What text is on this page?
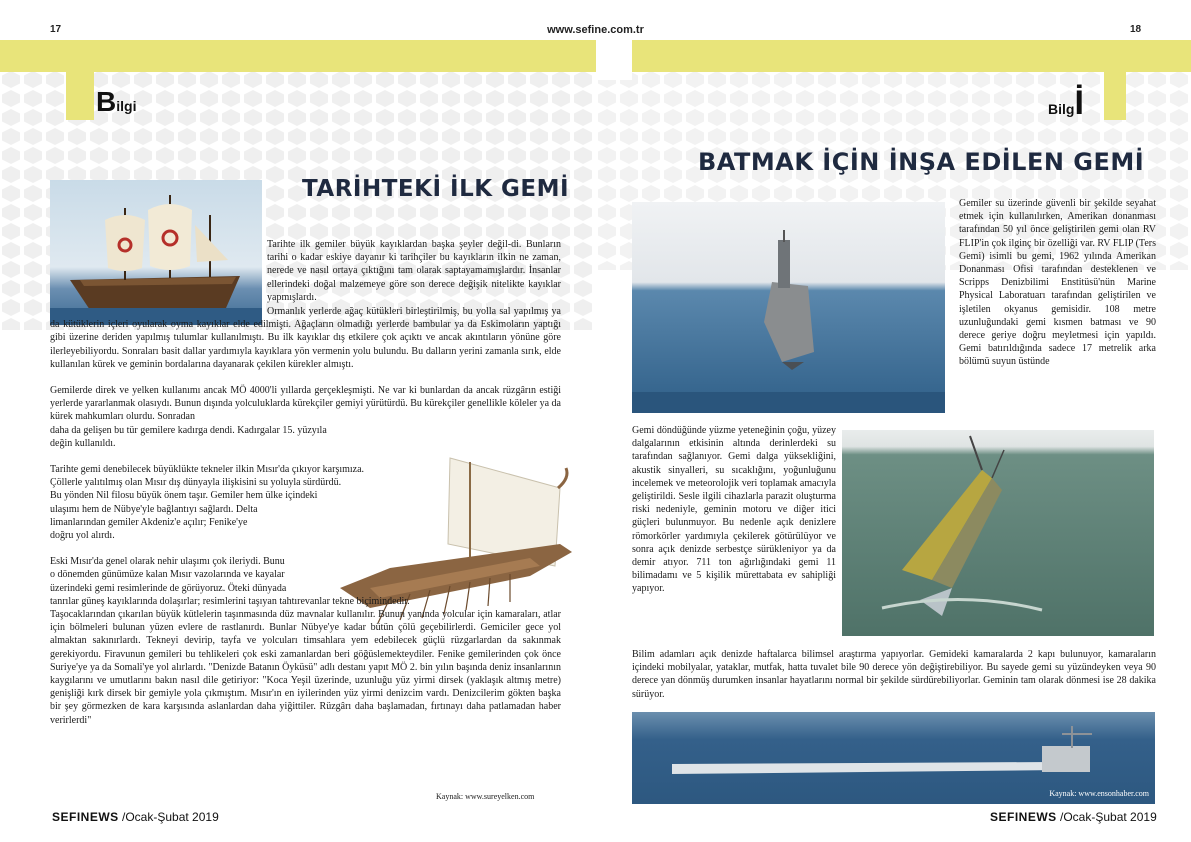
17	www.sefine.com.tr	18
Bilgi	Bilgİ
TARİHTEKİ İLK GEMİ

Tarihte ilk gemiler büyük kayıklardan başka şeyler değil-di. Bunların tarihi o kadar eskiye dayanır ki tarihçiler bu kayıkların ilkin ne zaman, nerede ve nasıl ortaya çıktığını tam olarak saptayamamışlardır. İnsanlar ellerindeki doğal malzemeye göre son derece değişik nitelikte kayıklar yapmışlardı.

Ormanlık yerlerde ağaç kütükleri birleştirilmiş, bu yolla sal yapılmış ya da kütüklerin içleri oyularak oyma kayıklar elde edilmişti. Ağaçların olmadığı yerlerde bambular ya da Eskimoların yaptığı gibi üzerine deriden yapılmış tulumlar kullanılmıştı. Bu ilk kayıklar dış etkilere çok açıktı ve ancak akıntıların yönüne göre ilerleyebiliyordu. Sonraları basit dallar yardımıyla kayıklara yön vermenin yolu bulundu. Bu dalların yerini zamanla sırık, elde kullanılan kürek ve geminin bordalarına dayanarak çekilen kürekler almıştı.

Gemilerde direk ve yelken kullanımı ancak MÖ 4000'li yıllarda gerçekleşmişti. Ne var ki bunlardan da ancak rüzgârın estiği yerlerde yararlanmak olasıydı. Bunun dışında yolculuklarda kürekçiler gemiyi yürütürdü. Bu kürekçiler genellikle köleler ya da kürek mahkumları olurdu. Sonradan

daha da gelişen bu tür gemilere kadırga dendi. Kadırgalar 15. yüzyıla

değin kullanıldı.

Tarihte gemi denebilecek büyüklükte tekneler ilkin Mısır'da çıkıyor karşımıza.

Çöllerle yalıtılmış olan Mısır dış dünyayla ilişkisini su yoluyla sürdürdü.

Bu yönden Nil filosu büyük önem taşır. Gemiler hem ülke içindeki

ulaşımı hem de Nübye'yle bağlantıyı sağlardı. Delta

limanlarından gemiler Akdeniz'e açılır; Fenike'ye

doğru yol alırdı.

Eski Mısır'da genel olarak nehir ulaşımı çok ileriydi. Bunu

o dönemden günümüze kalan Mısır vazolarında ve kayalar

üzerindeki gemi resimlerinde de görüyoruz. Öteki dünyada

tanrılar güneş kayıklarında dolaşırlar; resimlerini taşıyan tahtırevanlar tekne biçimindedir.

Taşocaklarından çıkarılan büyük kütlelerin taşınmasında düz mavnalar kullanılır. Bunun yanında yolcular için kamaraları, atlar için bölmeleri bulunan yüzen evlere de rastlanırdı. Bunlar Nübye'ye kadar bütün çölü geçebilirlerdi. Gemiciler gece yol almaktan sakınırlardı. Tekneyi devirip, tayfa ve yolcuları timsahlara yem edebilecek güçlü rüzgarlardan da sakınmak gerekiyordu. Firavunun gemileri bu tehlikeleri çok eski zamanlardan beri göğüslemekteydiler. Fenike gemilerinden çok önce Suriye'ye ya da Somali'ye yol alırlardı. "Denizde Batanın Öyküsü" adlı destanı yapıt MÖ 2. bin yılın başında deniz insanlarının kaygılarını ve umutlarını bakın nasıl dile getiriyor: "Koca Yeşil üzerinde, uzunluğu yüz yirmi dirsek (yaklaşık altmış metre) genişliği kırk dirsek bir gemiyle yola çıkmıştım. Mısır'ın en iyilerinden yüz yirmi denizcim vardı. Denizcilerim gökten başka bir şey görmezken de kara karşısında aslanlardan daha yiğittiler. Rüzgârı daha başlamadan, fırtınayı daha patlamadan haber verirlerdi"

Kaynak: www.sureyelken.com
SEFINEWS /Ocak-Şubat 2019
BATMAK İÇİN İNŞA EDİLEN GEMİ

Gemiler su üzerinde güvenli bir şekilde seyahat etmek için kullanılırken, Amerikan donanması tarafından 50 yıl önce geliştirilen gemi olan RV FLIP'in çok ilginç bir özelliği var. RV FLIP (Ters Gemi) isimli bu gemi, 1962 yılında Amerikan Donanması Ofisi tarafından desteklenen ve Scripps Denizbilimi Enstitüsü'nün Marine Physical Laboratuarı tarafından geliştirilen ve işletilen okyanus gemisidir. 108 metre uzunluğundaki gemi kısmen batması ve 90 derece geriye doğru meyletmesi için yapıldı. Gemi batırıldığında sadece 17 metrelik arka bölümü suyun üstünde

Gemi döndüğünde yüzme yeteneğinin çoğu, yüzey dalgalarının etkisinin altında derinlerdeki su tarafından sağlanıyor. Gemi dalga yüksekliğini, akustik sinyalleri, su sıcaklığını, yoğunluğunu incelemek ve meteorolojik veri toplamak amacıyla geliştirildi. Sesle ilgili cihazlarla parazit oluşturma riski nedeniyle, geminin motoru ve diğer itici güçleri bulunmuyor. Bu nedenle açık denizlere römorkörler yardımıyla çekilerek götürülüyor ve sonra açık denizde serbestçe sürükleniyor ya da demir atıyor. 711 ton ağırlığındaki gemi 11 bilimadamı ve 5 kişilik mürettabata ev sahipliği yapıyor.

Bilim adamları açık denizde haftalarca bilimsel araştırma yapıyorlar. Gemideki kamaralarda 2 kapı bulunuyor, kamaraların içindeki mobilyalar, yataklar, mutfak, hatta tuvalet bile 90 derece yön değiştirebiliyor. Bu sayede gemi su yüzündeyken veya 90 derece yan dönmüş durumken insanlar hayatlarını normal bir şekilde sürdürebiliyorlar. Geminin tam olarak dönmesi ise 28 dakika sürüyor.

Kaynak: www.ensonhaber.com
SEFINEWS /Ocak-Şubat 2019
